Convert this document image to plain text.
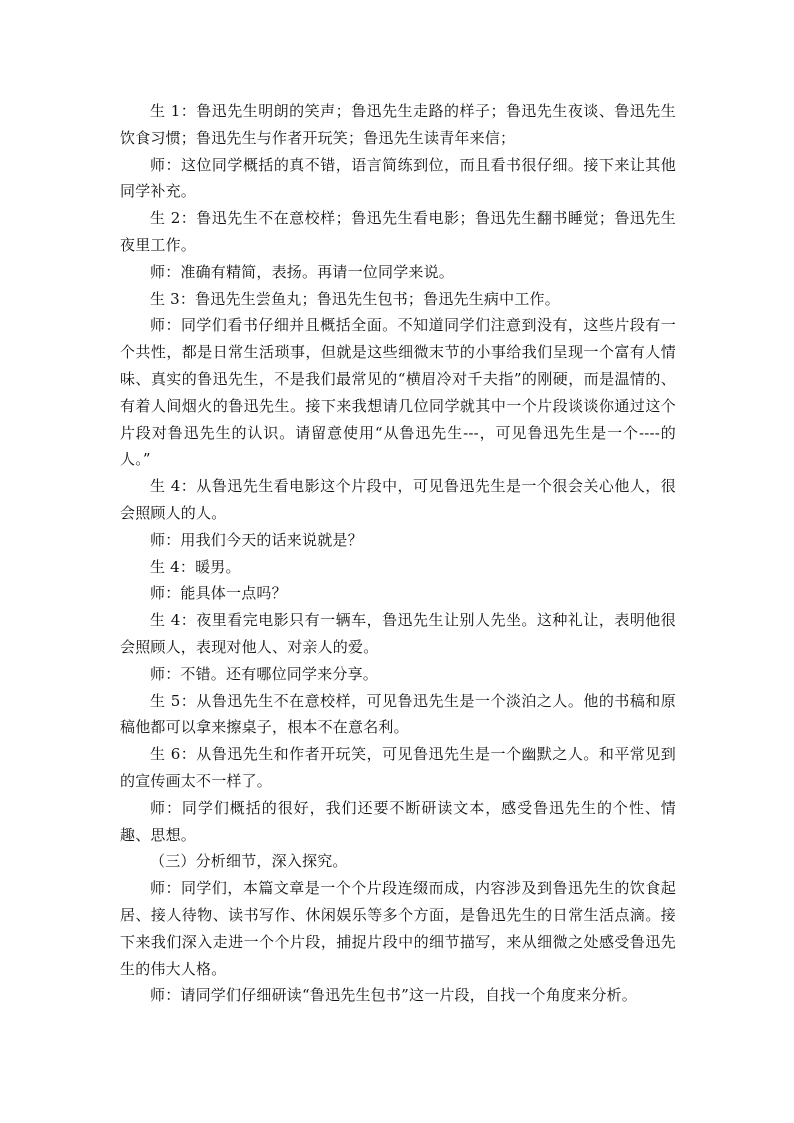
生 1：鲁迅先生明朗的笑声；鲁迅先生走路的样子；鲁迅先生夜谈、鲁迅先生饮食习惯；鲁迅先生与作者开玩笑；鲁迅先生读青年来信；

师：这位同学概括的真不错，语言简练到位，而且看书很仔细。接下来让其他同学补充。

生 2：鲁迅先生不在意校样；鲁迅先生看电影；鲁迅先生翻书睡觉；鲁迅先生夜里工作。

师：准确有精简，表扬。再请一位同学来说。

生 3：鲁迅先生尝鱼丸；鲁迅先生包书；鲁迅先生病中工作。

师：同学们看书仔细并且概括全面。不知道同学们注意到没有，这些片段有一个共性，都是日常生活琐事，但就是这些细微末节的小事给我们呈现一个富有人情味、真实的鲁迅先生，不是我们最常见的“横眉冷对千夫指”的刚硬，而是温情的、有着人间烟火的鲁迅先生。接下来我想请几位同学就其中一个片段谈谈你通过这个片段对鲁迅先生的认识。请留意使用“从鲁迅先生---，可见鲁迅先生是一个----的人。”

生 4：从鲁迅先生看电影这个片段中，可见鲁迅先生是一个很会关心他人，很会照顾人的人。

师：用我们今天的话来说就是？

生 4：暖男。

师：能具体一点吗？

生 4：夜里看完电影只有一辆车，鲁迅先生让别人先坐。这种礼让，表明他很会照顾人，表现对他人、对亲人的爱。

师：不错。还有哪位同学来分享。

生 5：从鲁迅先生不在意校样，可见鲁迅先生是一个淡泊之人。他的书稿和原稿他都可以拿来擦桌子，根本不在意名利。

生 6：从鲁迅先生和作者开玩笑，可见鲁迅先生是一个幽默之人。和平常见到的宣传画太不一样了。

师：同学们概括的很好，我们还要不断研读文本，感受鲁迅先生的个性、情趣、思想。

（三）分析细节，深入探究。

师：同学们，本篇文章是一个个片段连缀而成，内容涉及到鲁迅先生的饮食起居、接人待物、读书写作、休闲娱乐等多个方面，是鲁迅先生的日常生活点滴。接下来我们深入走进一个个片段，捕捉片段中的细节描写，来从细微之处感受鲁迅先生的伟大人格。

师：请同学们仔细研读“鲁迅先生包书”这一片段，自找一个角度来分析。
